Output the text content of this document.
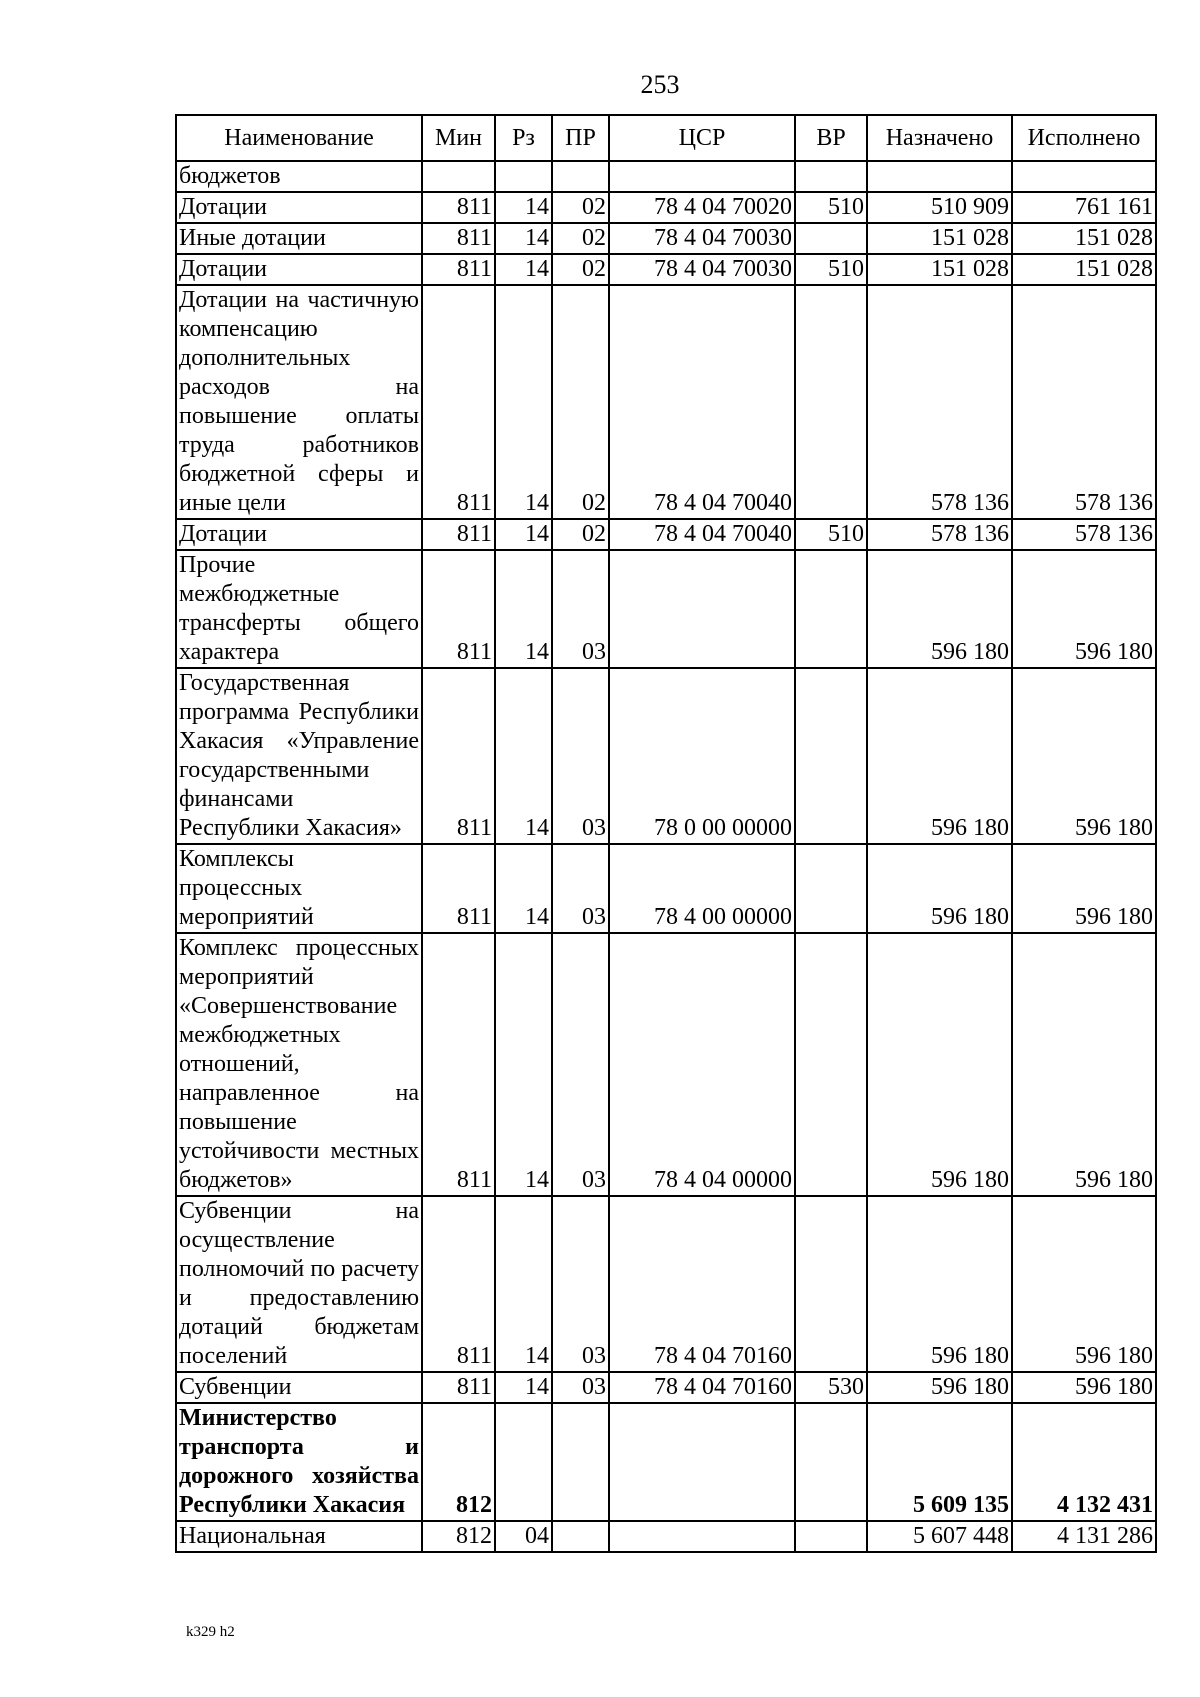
253
Наименование	Мин	Рз	ПР	ЦСР	ВР	Назначено	Исполнено
бюджетов							
Дотации	811	14	02	78 4 04 70020	510	510 909	761 161
Иные дотации	811	14	02	78 4 04 70030		151 028	151 028
Дотации	811	14	02	78 4 04 70030	510	151 028	151 028
Дотации на частичную компенсацию дополнительных расходов на повышение оплаты труда работников бюджетной сферы и иные цели	811	14	02	78 4 04 70040		578 136	578 136
Дотации	811	14	02	78 4 04 70040	510	578 136	578 136
Прочие межбюджетные трансферты общего характера	811	14	03			596 180	596 180
Государственная программа Республики Хакасия «Управление государственными финансами Республики Хакасия»	811	14	03	78 0 00 00000		596 180	596 180
Комплексы процессных мероприятий	811	14	03	78 4 00 00000		596 180	596 180
Комплекс процессных мероприятий «Совершенствование межбюджетных отношений, направленное на повышение устойчивости местных бюджетов»	811	14	03	78 4 04 00000		596 180	596 180
Субвенции на осуществление полномочий по расчету и предоставлению дотаций бюджетам поселений	811	14	03	78 4 04 70160		596 180	596 180
Субвенции	811	14	03	78 4 04 70160	530	596 180	596 180
Министерство транспорта и дорожного хозяйства Республики Хакасия	812					5 609 135	4 132 431
Национальная	812	04				5 607 448	4 131 286
k329 h2
